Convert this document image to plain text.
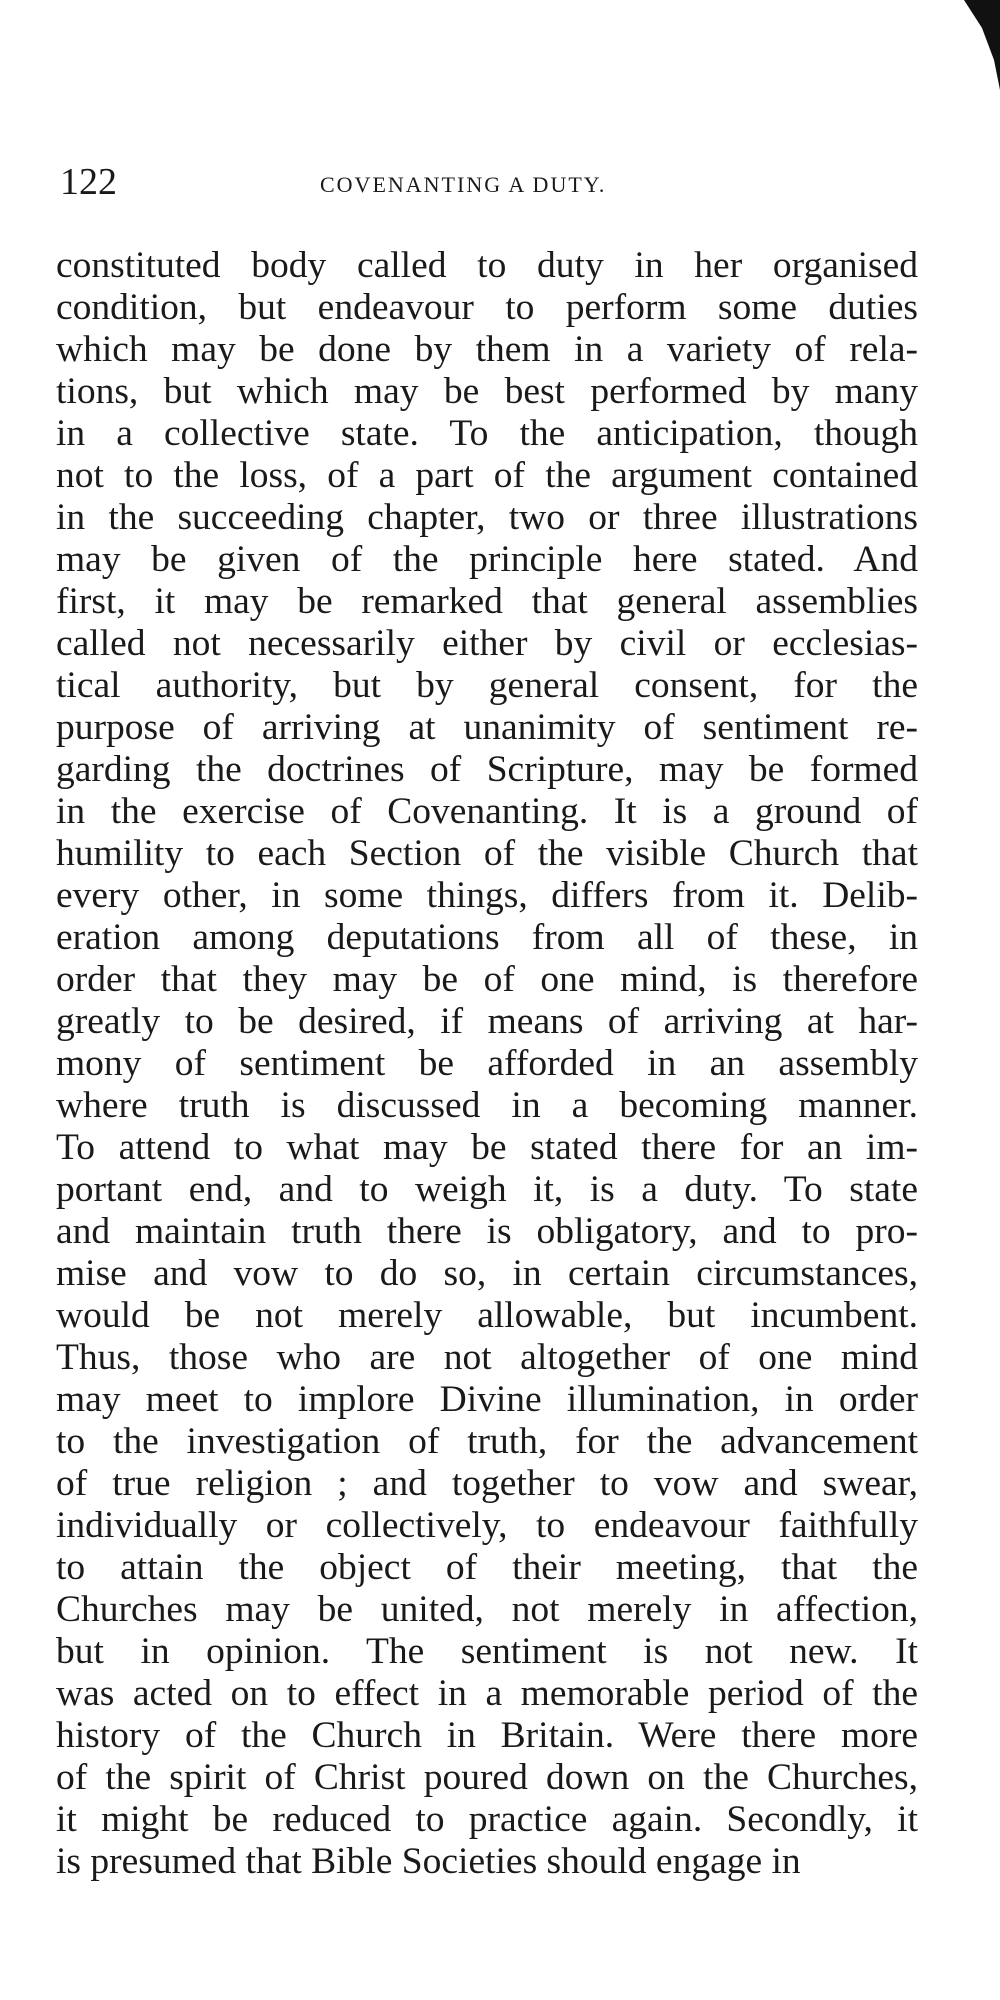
122	COVENANTING A DUTY.
constituted body called to duty in her organised
condition, but endeavour to perform some duties
which may be done by them in a variety of rela-
tions, but which may be best performed by many
in a collective state. To the anticipation, though
not to the loss, of a part of the argument contained
in the succeeding chapter, two or three illustrations
may be given of the principle here stated. And
first, it may be remarked that general assemblies
called not necessarily either by civil or ecclesias-
tical authority, but by general consent, for the
purpose of arriving at unanimity of sentiment re-
garding the doctrines of Scripture, may be formed
in the exercise of Covenanting. It is a ground of
humility to each Section of the visible Church that
every other, in some things, differs from it. Delib-
eration among deputations from all of these, in
order that they may be of one mind, is therefore
greatly to be desired, if means of arriving at har-
mony of sentiment be afforded in an assembly
where truth is discussed in a becoming manner.
To attend to what may be stated there for an im-
portant end, and to weigh it, is a duty. To state
and maintain truth there is obligatory, and to pro-
mise and vow to do so, in certain circumstances,
would be not merely allowable, but incumbent.
Thus, those who are not altogether of one mind
may meet to implore Divine illumination, in order
to the investigation of truth, for the advancement
of true religion ; and together to vow and swear,
individually or collectively, to endeavour faithfully
to attain the object of their meeting, that the
Churches may be united, not merely in affection,
but in opinion. The sentiment is not new. It
was acted on to effect in a memorable period of the
history of the Church in Britain. Were there more
of the spirit of Christ poured down on the Churches,
it might be reduced to practice again. Secondly, it
is presumed that Bible Societies should engage in
